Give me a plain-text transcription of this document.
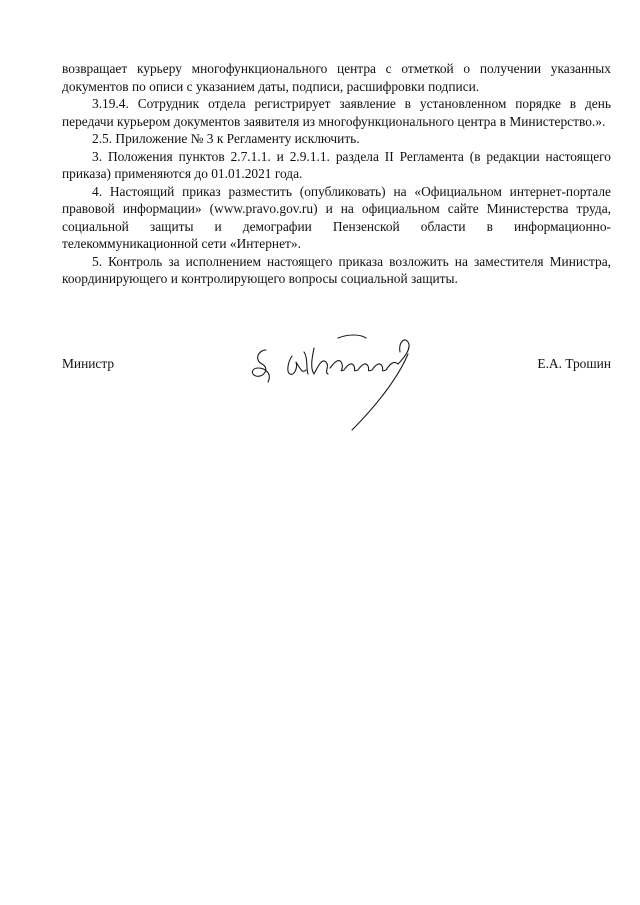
возвращает курьеру многофункционального центра с отметкой о получении указанных документов по описи с указанием даты, подписи, расшифровки подписи.

3.19.4. Сотрудник отдела регистрирует заявление в установленном порядке в день передачи курьером документов заявителя из многофункционального центра в Министерство.».

2.5. Приложение № 3 к Регламенту исключить.

3. Положения пунктов 2.7.1.1. и 2.9.1.1. раздела II Регламента (в редакции настоящего приказа) применяются до 01.01.2021 года.

4. Настоящий приказ разместить (опубликовать) на «Официальном интернет-портале правовой информации» (www.pravo.gov.ru) и на официальном сайте Министерства труда, социальной защиты и демографии Пензенской области в информационно-телекоммуникационной сети «Интернет».

5. Контроль за исполнением настоящего приказа возложить на заместителя Министра, координирующего и контролирующего вопросы социальной защиты.

Министр	Е.А. Трошин
